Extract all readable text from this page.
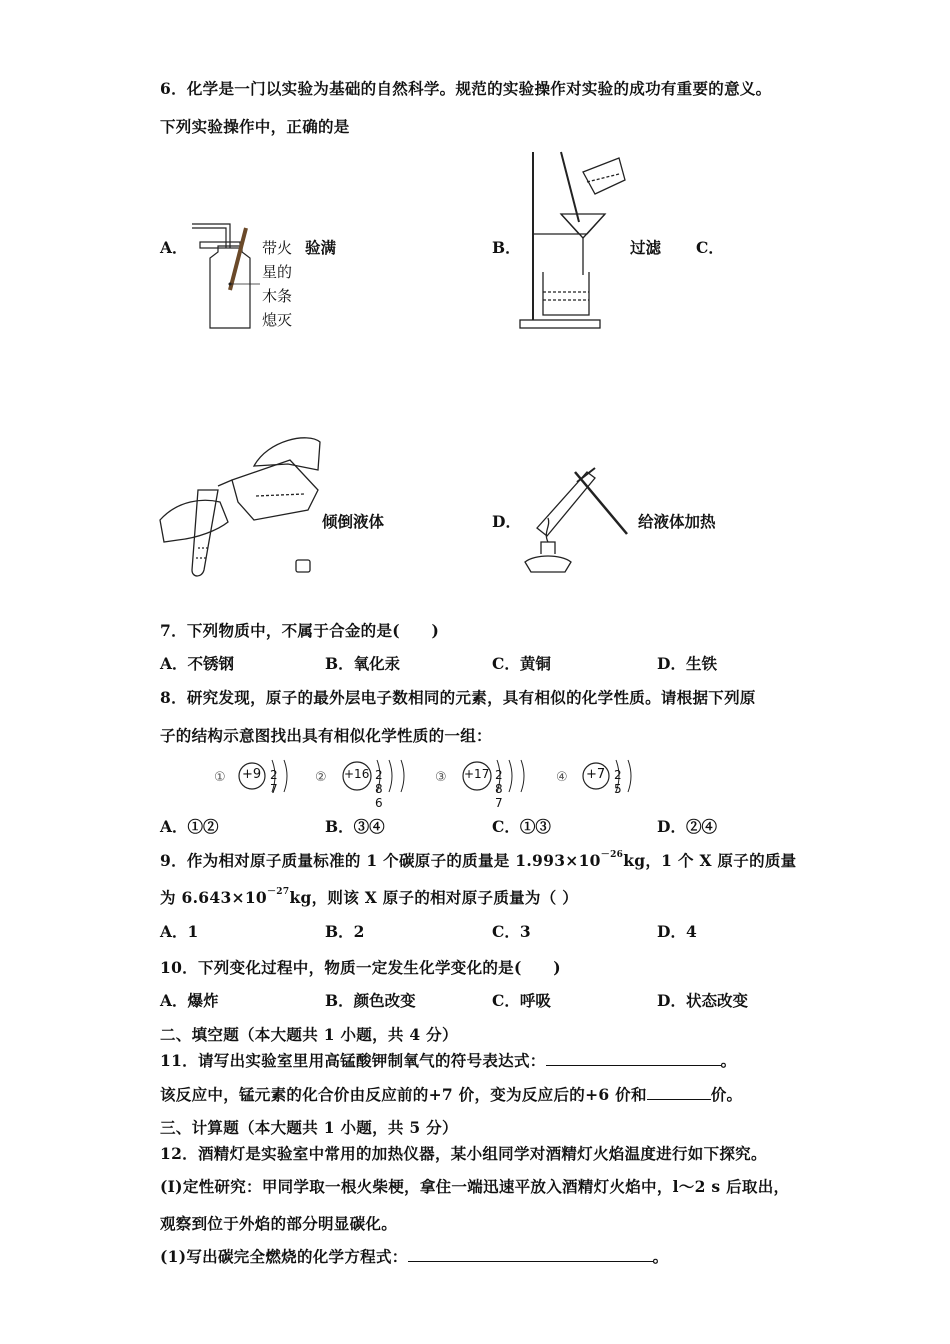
6．化学是一门以实验为基础的自然科学。规范的实验操作对实验的成功有重要的意义。
下列实验操作中，正确的是
A．	带火
星的
木条
熄灭
验满	B．	过滤 C．
倾倒液体	D．	给液体加热
7．下列物质中，不属于合金的是(　　)
A．不锈钢	B．氧化汞	C．黄铜	D．生铁
8．研究发现，原子的最外层电子数相同的元素，具有相似的化学性质。请根据下列原
子的结构示意图找出具有相似化学性质的一组：
① +9 2 7
② +16 2 8 6
③ +17 2 8 7
④ +7 2 5
A．①②	B．③④	C．①③	D．②④
9．作为相对原子质量标准的 1 个碳原子的质量是 $1.993\times 10^{-26}kg$，1 个 X 原子的质量
为 $6.643\times 10^{-27}kg$，则该 X 原子的相对原子质量为（ ）
A．1	B．2	C．3	D．4
10．下列变化过程中，物质一定发生化学变化的是(　　)
A．爆炸	B．颜色改变	C．呼吸	D．状态改变
二、填空题（本大题共 1 小题，共 4 分）
11．请写出实验室里用高锰酸钾制氧气的符号表达式：	。
该反应中，锰元素的化合价由反应前的+7 价，变为反应后的+6 价和	价。
三、计算题（本大题共 1 小题，共 5 分）
12．酒精灯是实验室中常用的加热仪器，某小组同学对酒精灯火焰温度进行如下探究。
(I)定性研究：甲同学取一根火柴梗，拿住一端迅速平放入酒精灯火焰中，l～2 s 后取出，
观察到位于外焰的部分明显碳化。
(1)写出碳完全燃烧的化学方程式：	。
